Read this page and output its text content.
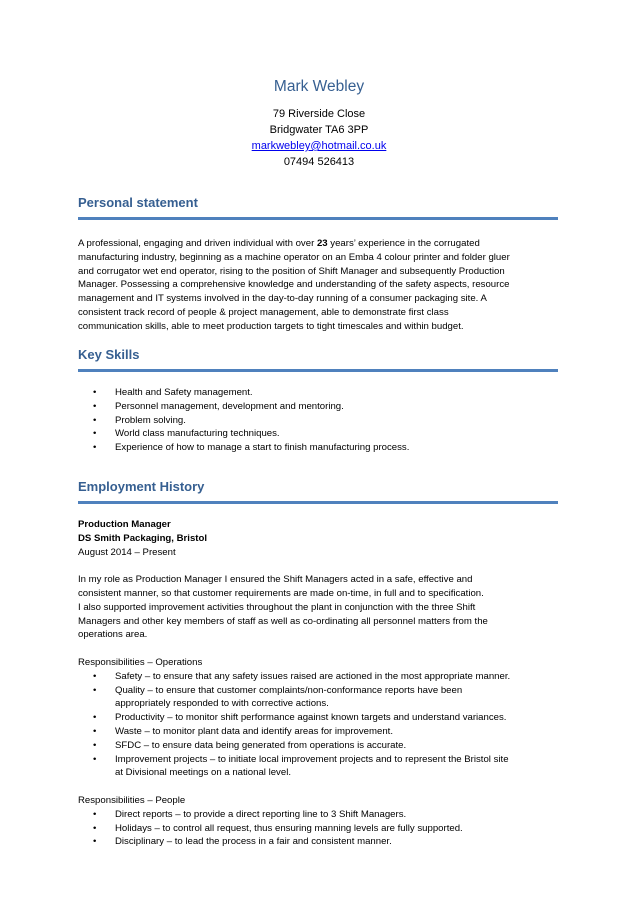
Mark Webley
79 Riverside Close
Bridgwater TA6 3PP
markwebley@hotmail.co.uk
07494 526413
Personal statement

A professional, engaging and driven individual with over 23 years’ experience in the corrugated

manufacturing industry, beginning as a machine operator on an Emba 4 colour printer and folder gluer

and corrugator wet end operator, rising to the position of Shift Manager and subsequently Production

Manager. Possessing a comprehensive knowledge and understanding of the safety aspects, resource

management and IT systems involved in the day-to-day running of a consumer packaging site. A

consistent track record of people & project management, able to demonstrate first class

communication skills, able to meet production targets to tight timescales and within budget.

Key Skills
• Health and Safety management.
• Personnel management, development and mentoring.
• Problem solving.
• World class manufacturing techniques.
• Experience of how to manage a start to finish manufacturing process.
Employment History

Production Manager

DS Smith Packaging, Bristol

August 2014 – Present

In my role as Production Manager I ensured the Shift Managers acted in a safe, effective and

consistent manner, so that customer requirements are made on-time, in full and to specification.

I also supported improvement activities throughout the plant in conjunction with the three Shift

Managers and other key members of staff as well as co-ordinating all personnel matters from the

operations area.

Responsibilities – Operations

• Safety – to ensure that any safety issues raised are actioned in the most appropriate manner.
• Quality – to ensure that customer complaints/non-conformance reports have been
appropriately responded to with corrective actions.
• Productivity – to monitor shift performance against known targets and understand variances.
• Waste – to monitor plant data and identify areas for improvement.
• SFDC – to ensure data being generated from operations is accurate.
• Improvement projects – to initiate local improvement projects and to represent the Bristol site
at Divisional meetings on a national level.

Responsibilities – People

• Direct reports – to provide a direct reporting line to 3 Shift Managers.
• Holidays – to control all request, thus ensuring manning levels are fully supported.
• Disciplinary – to lead the process in a fair and consistent manner.
